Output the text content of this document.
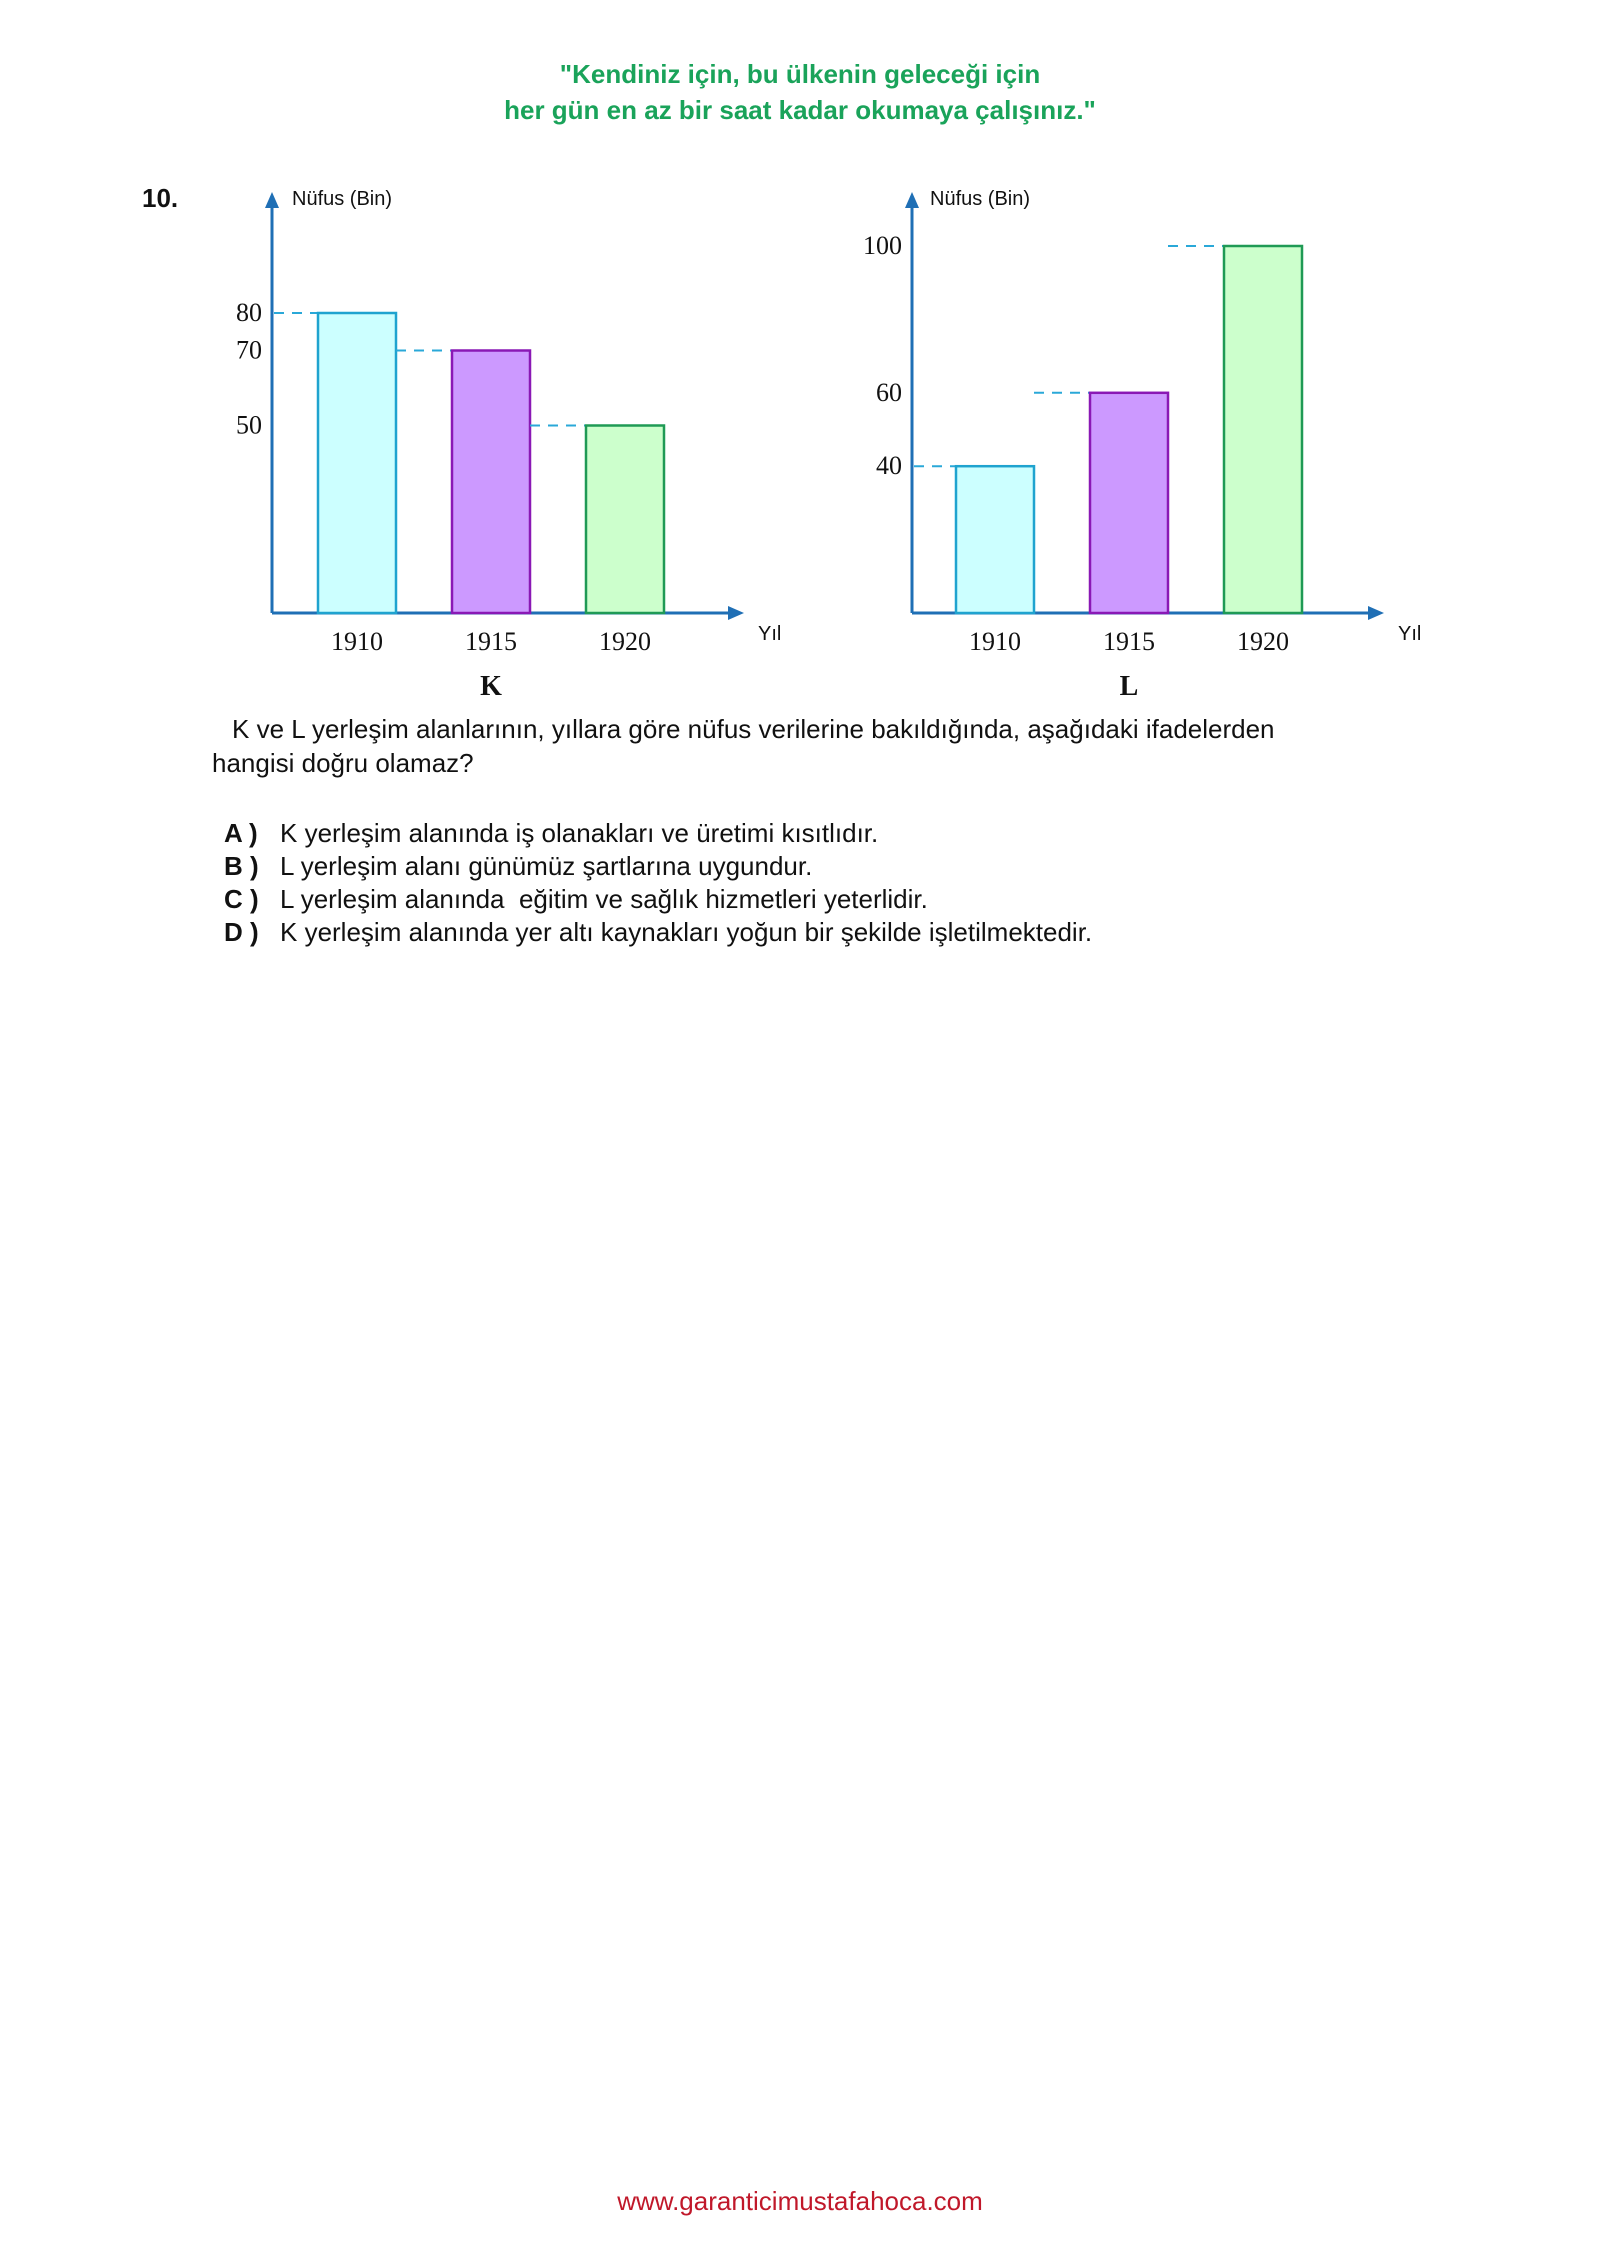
"Kendiniz için, bu ülkenin geleceği için
her gün en az bir saat kadar okumaya çalışınız."
10.	Nüfus (Bin)
Yıl
80
1910
70
1915
50
1920
K
Nüfus (Bin)
Yıl
40
1910
60
1915
100
1920
L
K ve L yerleşim alanlarının, yıllara göre nüfus verilerine bakıldığında, aşağıdaki ifadelerden
hangisi doğru olamaz?
A ) K yerleşim alanında iş olanakları ve üretimi kısıtlıdır.
B ) L yerleşim alanı günümüz şartlarına uygundur.
C ) L yerleşim alanında  eğitim ve sağlık hizmetleri yeterlidir.
D ) K yerleşim alanında yer altı kaynakları yoğun bir şekilde işletilmektedir.
www.garanticimustafahoca.com
